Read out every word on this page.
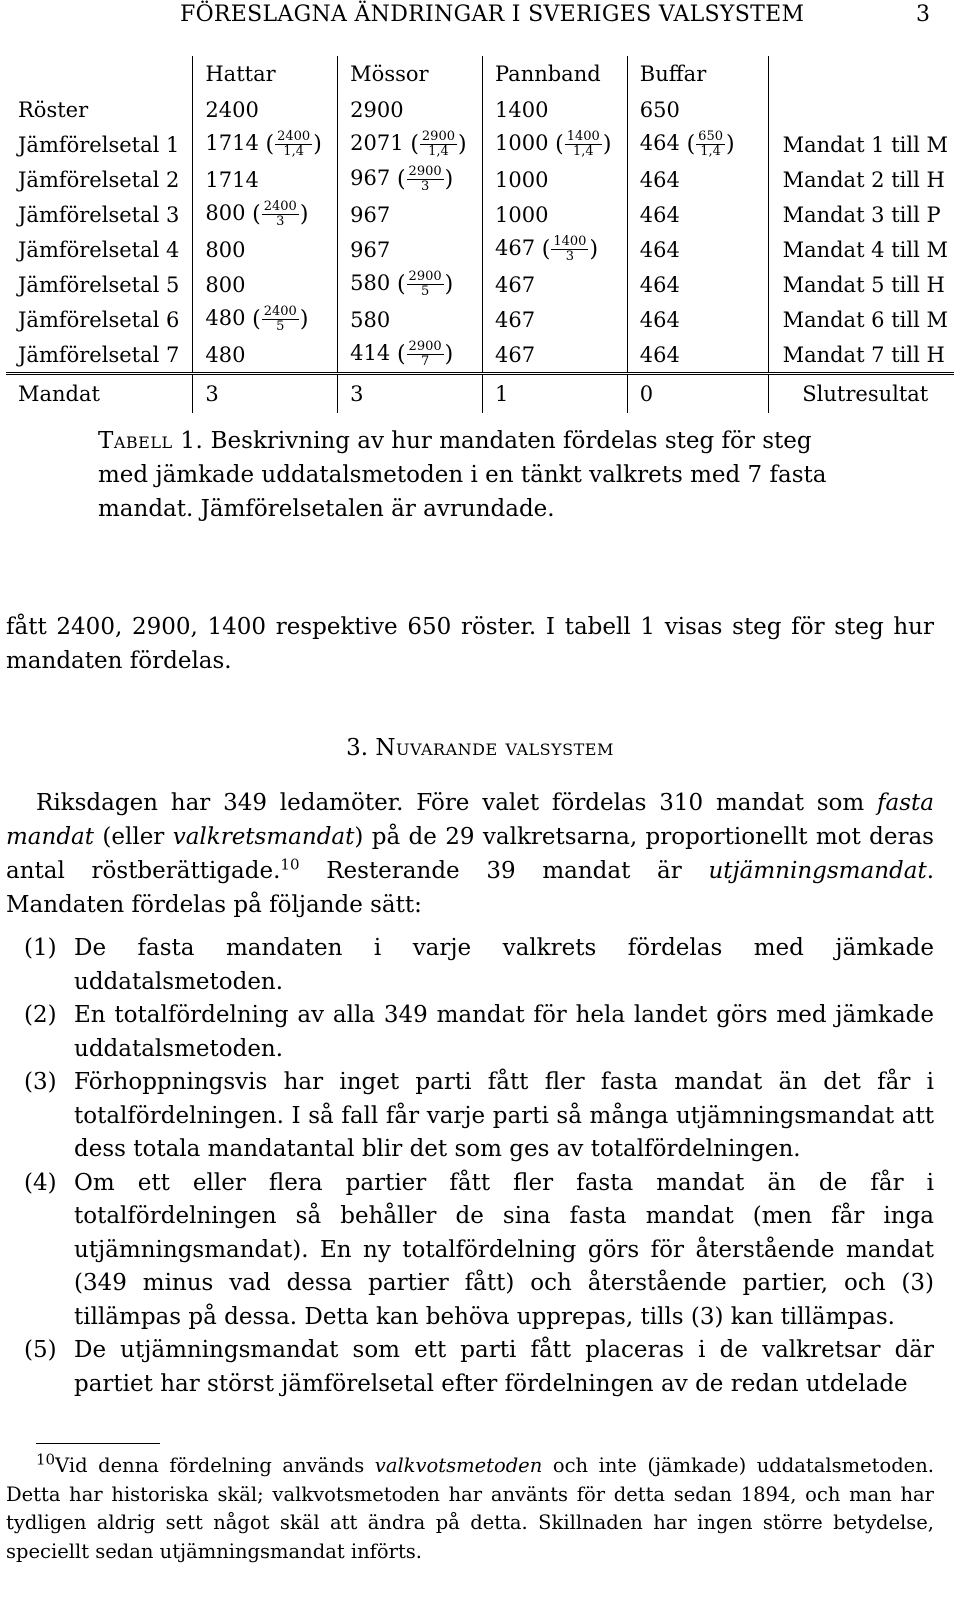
FÖRESLAGNA ÄNDRINGAR I SVERIGES VALSYSTEM	3
	Hattar	Mössor	Pannband	Buffar	
Röster	2400	2900	1400	650	
Jämförelsetal 1	1714 ( $\frac{2400}{1,4}$ )	2071 ( $\frac{2900}{1,4}$ )	1000 ( $\frac{1400}{1,4}$ )	464 ( $\frac{650}{1,4}$ )	Mandat 1 till M
Jämförelsetal 2	1714	967 ( $\frac{2900}{3}$ )	1000	464	Mandat 2 till H
Jämförelsetal 3	800 ( $\frac{2400}{3}$ )	967	1000	464	Mandat 3 till P
Jämförelsetal 4	800	967	467 ( $\frac{1400}{3}$ )	464	Mandat 4 till M
Jämförelsetal 5	800	580 ( $\frac{2900}{5}$ )	467	464	Mandat 5 till H
Jämförelsetal 6	480 ( $\frac{2400}{5}$ )	580	467	464	Mandat 6 till M
Jämförelsetal 7	480	414 ( $\frac{2900}{7}$ )	467	464	Mandat 7 till H
Mandat	3	3	1	0	Slutresultat
Tabell 1. Beskrivning av hur mandaten fördelas steg för steg med jämkade uddatalsmetoden i en tänkt valkrets med 7 fasta mandat. Jämförelsetalen är avrundade.
fått 2400, 2900, 1400 respektive 650 röster. I tabell 1 visas steg för steg hur mandaten fördelas.
3. Nuvarande valsystem
Riksdagen har 349 ledamöter. Före valet fördelas 310 mandat som fasta mandat (eller valkretsmandat) på de 29 valkretsarna, proportionellt mot deras antal röstberättigade.$^{10}$ Resterande 39 mandat är utjämningsmandat. Mandaten fördelas på följande sätt:
(1) De fasta mandaten i varje valkrets fördelas med jämkade uddatalsmetoden.
(2) En totalfördelning av alla 349 mandat för hela landet görs med jämkade uddatalsmetoden.
(3) Förhoppningsvis har inget parti fått fler fasta mandat än det får i totalfördelningen. I så fall får varje parti så många utjämningsmandat att dess totala mandatantal blir det som ges av totalfördelningen.
(4) Om ett eller flera partier fått fler fasta mandat än de får i totalfördelningen så behåller de sina fasta mandat (men får inga utjämningsmandat). En ny totalfördelning görs för återstående mandat (349 minus vad dessa partier fått) och återstående partier, och (3) tillämpas på dessa. Detta kan behöva upprepas, tills (3) kan tillämpas.
(5) De utjämningsmandat som ett parti fått placeras i de valkretsar där partiet har störst jämförelsetal efter fördelningen av de redan utdelade
$^{10}$Vid denna fördelning används valkvotsmetoden och inte (jämkade) uddatalsmetoden. Detta har historiska skäl; valkvotsmetoden har använts för detta sedan 1894, och man har tydligen aldrig sett något skäl att ändra på detta. Skillnaden har ingen större betydelse, speciellt sedan utjämningsmandat införts.
